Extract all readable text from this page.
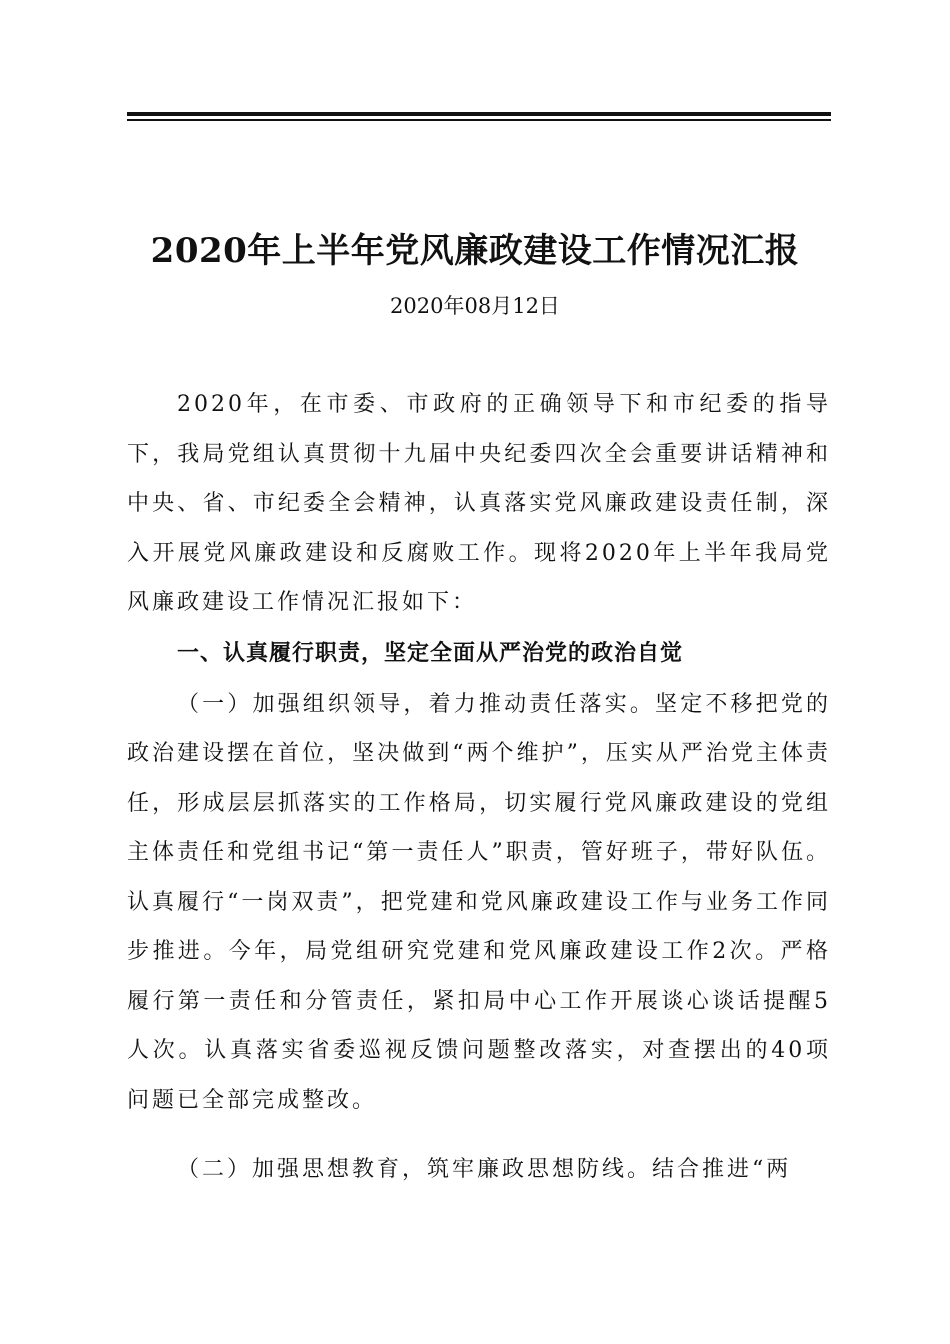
2020年上半年党风廉政建设工作情况汇报
2020年08月12日

2020年，在市委、市政府的正确领导下和市纪委的指导下，我局党组认真贯彻十九届中央纪委四次全会重要讲话精神和中央、省、市纪委全会精神，认真落实党风廉政建设责任制，深入开展党风廉政建设和反腐败工作。现将2020年上半年我局党风廉政建设工作情况汇报如下：

一、认真履行职责，坚定全面从严治党的政治自觉

（一）加强组织领导，着力推动责任落实。坚定不移把党的政治建设摆在首位，坚决做到“两个维护”，压实从严治党主体责任，形成层层抓落实的工作格局，切实履行党风廉政建设的党组主体责任和党组书记“第一责任人”职责，管好班子，带好队伍。认真履行“一岗双责”，把党建和党风廉政建设工作与业务工作同步推进。今年，局党组研究党建和党风廉政建设工作2次。严格履行第一责任和分管责任，紧扣局中心工作开展谈心谈话提醒5人次。认真落实省委巡视反馈问题整改落实，对查摆出的40项问题已全部完成整改。

（二）加强思想教育，筑牢廉政思想防线。结合推进“两
